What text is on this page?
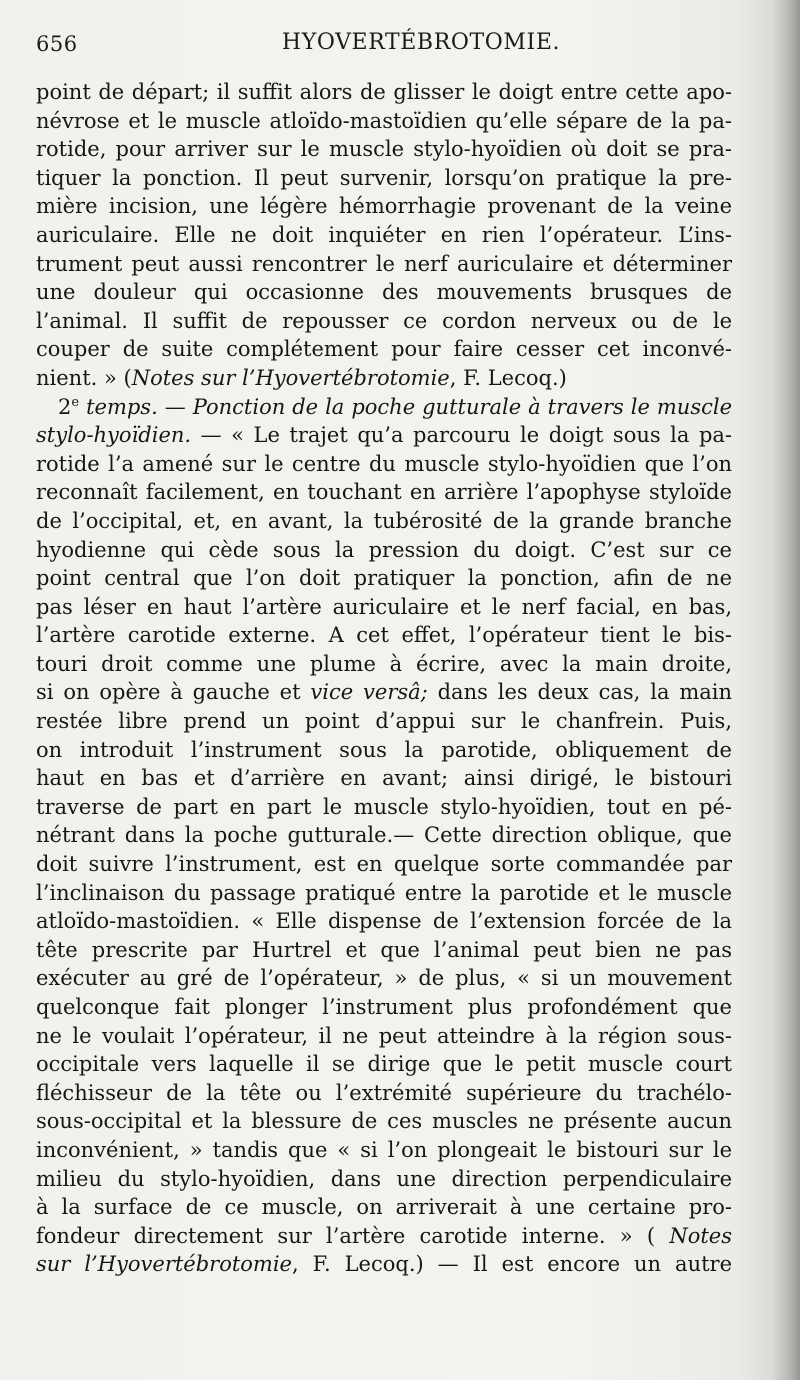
656	HYOVERTÉBROTOMIE.
point de départ; il suffit alors de glisser le doigt entre cette apo-
névrose et le muscle atloïdo-mastoïdien qu’elle sépare de la pa-
rotide, pour arriver sur le muscle stylo-hyoïdien où doit se pra-
tiquer la ponction. Il peut survenir, lorsqu’on pratique la pre-
mière incision, une légère hémorrhagie provenant de la veine
auriculaire. Elle ne doit inquiéter en rien l’opérateur. L’ins-
trument peut aussi rencontrer le nerf auriculaire et déterminer
une douleur qui occasionne des mouvements brusques de
l’animal. Il suffit de repousser ce cordon nerveux ou de le
couper de suite complétement pour faire cesser cet inconvé-
nient. » (Notes sur l’Hyovertébrotomie, F. Lecoq.)
2e temps. — Ponction de la poche gutturale à travers le muscle
stylo-hyoïdien. — « Le trajet qu’a parcouru le doigt sous la pa-
rotide l’a amené sur le centre du muscle stylo-hyoïdien que l’on
reconnaît facilement, en touchant en arrière l’apophyse styloïde
de l’occipital, et, en avant, la tubérosité de la grande branche
hyodienne qui cède sous la pression du doigt. C’est sur ce
point central que l’on doit pratiquer la ponction, afin de ne
pas léser en haut l’artère auriculaire et le nerf facial, en bas,
l’artère carotide externe. A cet effet, l’opérateur tient le bis-
touri droit comme une plume à écrire, avec la main droite,
si on opère à gauche et vice versâ; dans les deux cas, la main
restée libre prend un point d’appui sur le chanfrein. Puis,
on introduit l’instrument sous la parotide, obliquement de
haut en bas et d’arrière en avant; ainsi dirigé, le bistouri
traverse de part en part le muscle stylo-hyoïdien, tout en pé-
nétrant dans la poche gutturale.— Cette direction oblique, que
doit suivre l’instrument, est en quelque sorte commandée par
l’inclinaison du passage pratiqué entre la parotide et le muscle
atloïdo-mastoïdien. « Elle dispense de l’extension forcée de la
tête prescrite par Hurtrel et que l’animal peut bien ne pas
exécuter au gré de l’opérateur, » de plus, « si un mouvement
quelconque fait plonger l’instrument plus profondément que
ne le voulait l’opérateur, il ne peut atteindre à la région sous-
occipitale vers laquelle il se dirige que le petit muscle court
fléchisseur de la tête ou l’extrémité supérieure du trachélo-
sous-occipital et la blessure de ces muscles ne présente aucun
inconvénient, » tandis que « si l’on plongeait le bistouri sur le
milieu du stylo-hyoïdien, dans une direction perpendiculaire
à la surface de ce muscle, on arriverait à une certaine pro-
fondeur directement sur l’artère carotide interne. » ( Notes
sur l’Hyovertébrotomie, F. Lecoq.) — Il est encore un autre
